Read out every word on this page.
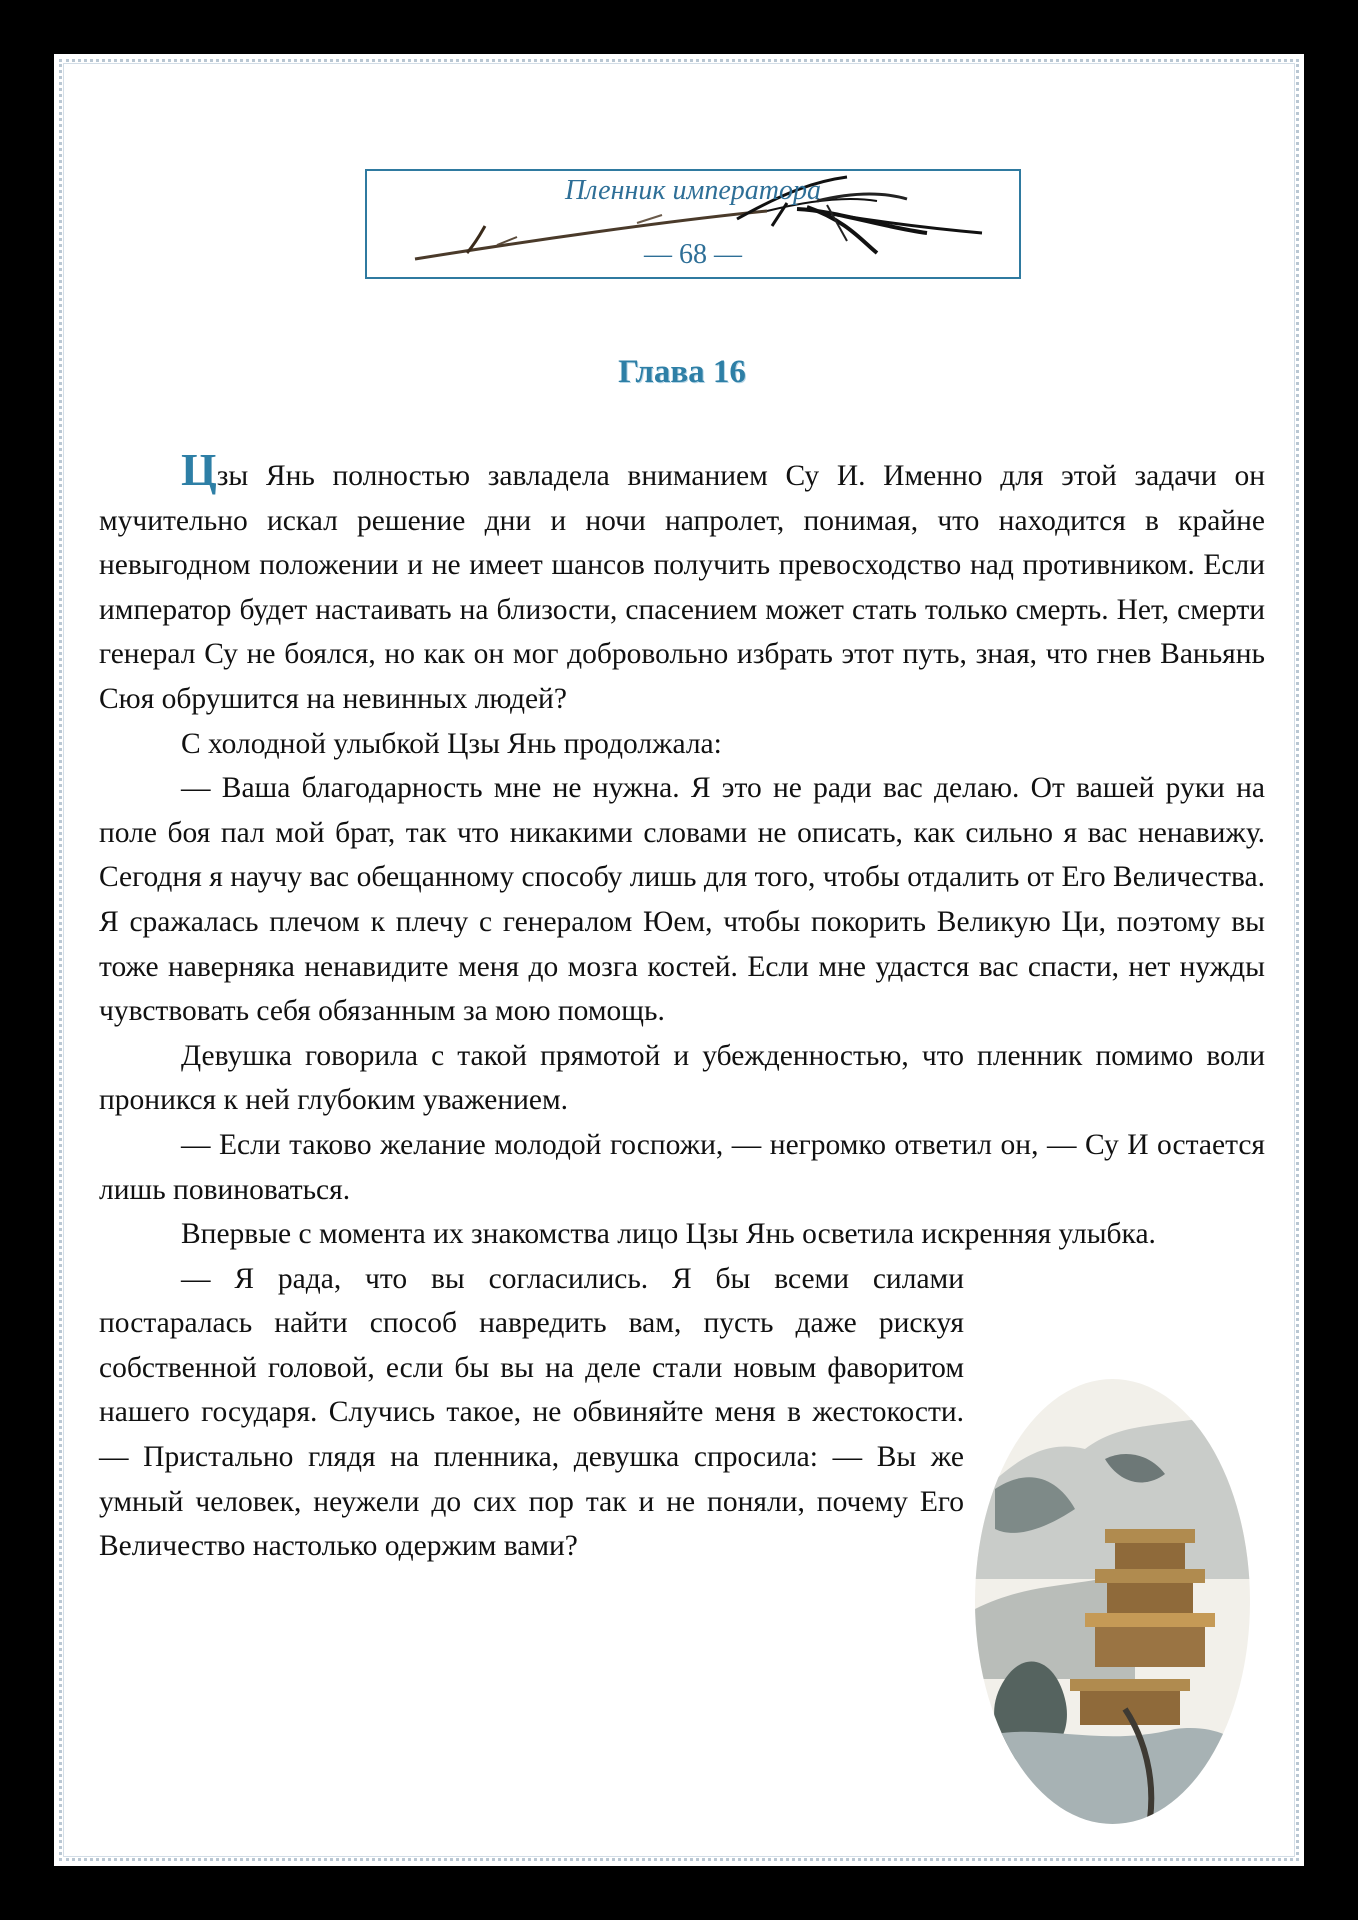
Пленник императора
— 68 —
Глава 16

Цзы Янь полностью завладела вниманием Су И. Именно для этой задачи он мучительно искал решение дни и ночи напролет, понимая, что находится в крайне невыгодном положении и не имеет шансов получить превосходство над противником. Если император будет настаивать на близости, спасением может стать только смерть. Нет, смерти генерал Су не боялся, но как он мог добровольно избрать этот путь, зная, что гнев Ваньянь Сюя обрушится на невинных людей?

С холодной улыбкой Цзы Янь продолжала:

— Ваша благодарность мне не нужна. Я это не ради вас делаю. От вашей руки на поле боя пал мой брат, так что никакими словами не описать, как сильно я вас ненавижу. Сегодня я научу вас обещанному способу лишь для того, чтобы отдалить от Его Величества. Я сражалась плечом к плечу с генералом Юем, чтобы покорить Великую Ци, поэтому вы тоже наверняка ненавидите меня до мозга костей. Если мне удастся вас спасти, нет нужды чувствовать себя обязанным за мою помощь.

Девушка говорила с такой прямотой и убежденностью, что пленник помимо воли проникся к ней глубоким уважением.

— Если таково желание молодой госпожи, — негромко ответил он, — Су И остается лишь повиноваться.

Впервые с момента их знакомства лицо Цзы Янь осветила искренняя улыбка.

— Я рада, что вы согласились. Я бы всеми силами постаралась найти способ навредить вам, пусть даже рискуя собственной головой, если бы вы на деле стали новым фаворитом нашего государя. Случись такое, не обвиняйте меня в жестокости. — Пристально глядя на пленника, девушка спросила: — Вы же умный человек, неужели до сих пор так и не поняли, почему Его Величество настолько одержим вами?
